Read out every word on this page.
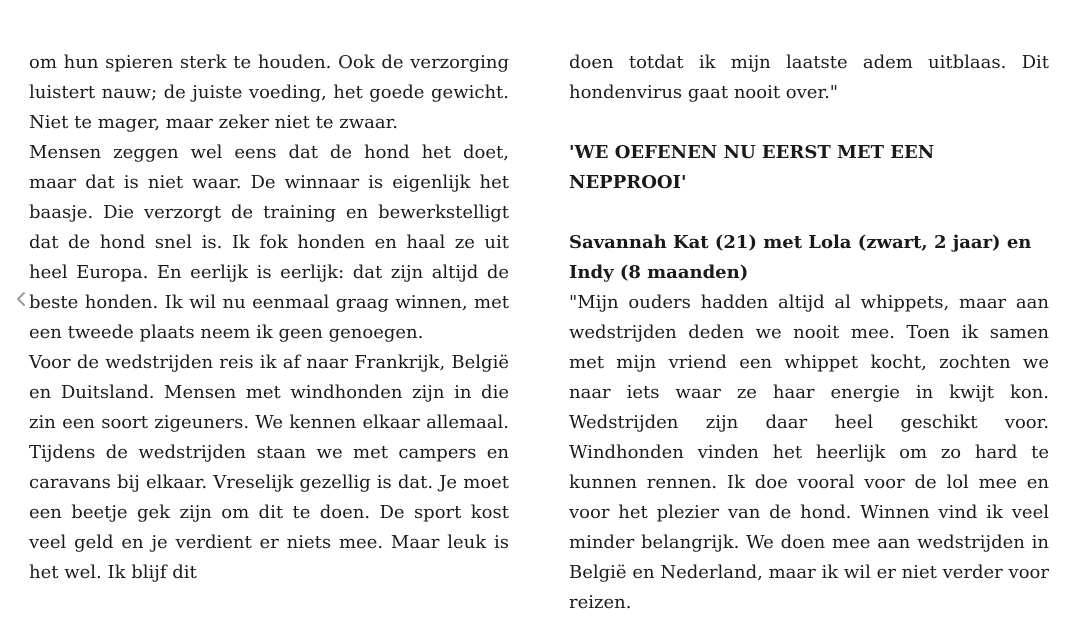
om hun spieren sterk te houden. Ook de verzorging luistert nauw; de juiste voeding, het goede gewicht. Niet te mager, maar zeker niet te zwaar.

Mensen zeggen wel eens dat de hond het doet, maar dat is niet waar. De winnaar is eigenlijk het baasje. Die verzorgt de training en bewerkstelligt dat de hond snel is. Ik fok honden en haal ze uit heel Europa. En eerlijk is eerlijk: dat zijn altijd de beste honden. Ik wil nu eenmaal graag winnen, met een tweede plaats neem ik geen genoegen.

Voor de wedstrijden reis ik af naar Frankrijk, België en Duitsland. Mensen met windhonden zijn in die zin een soort zigeuners. We kennen elkaar allemaal. Tijdens de wedstrijden staan we met campers en caravans bij elkaar. Vreselijk gezellig is dat. Je moet een beetje gek zijn om dit te doen. De sport kost veel geld en je verdient er niets mee. Maar leuk is het wel. Ik blijf dit

doen totdat ik mijn laatste adem uitblaas. Dit hondenvirus gaat nooit over."

'WE OEFENEN NU EERST MET EEN NEPPROOI'
Savannah Kat (21) met Lola (zwart, 2 jaar) en Indy (8 maanden)

"Mijn ouders hadden altijd al whippets, maar aan wedstrijden deden we nooit mee. Toen ik samen met mijn vriend een whippet kocht, zochten we naar iets waar ze haar energie in kwijt kon. Wedstrijden zijn daar heel geschikt voor. Windhonden vinden het heerlijk om zo hard te kunnen rennen. Ik doe vooral voor de lol mee en voor het plezier van de hond. Winnen vind ik veel minder belangrijk. We doen mee aan wedstrijden in België en Nederland, maar ik wil er niet verder voor reizen.
